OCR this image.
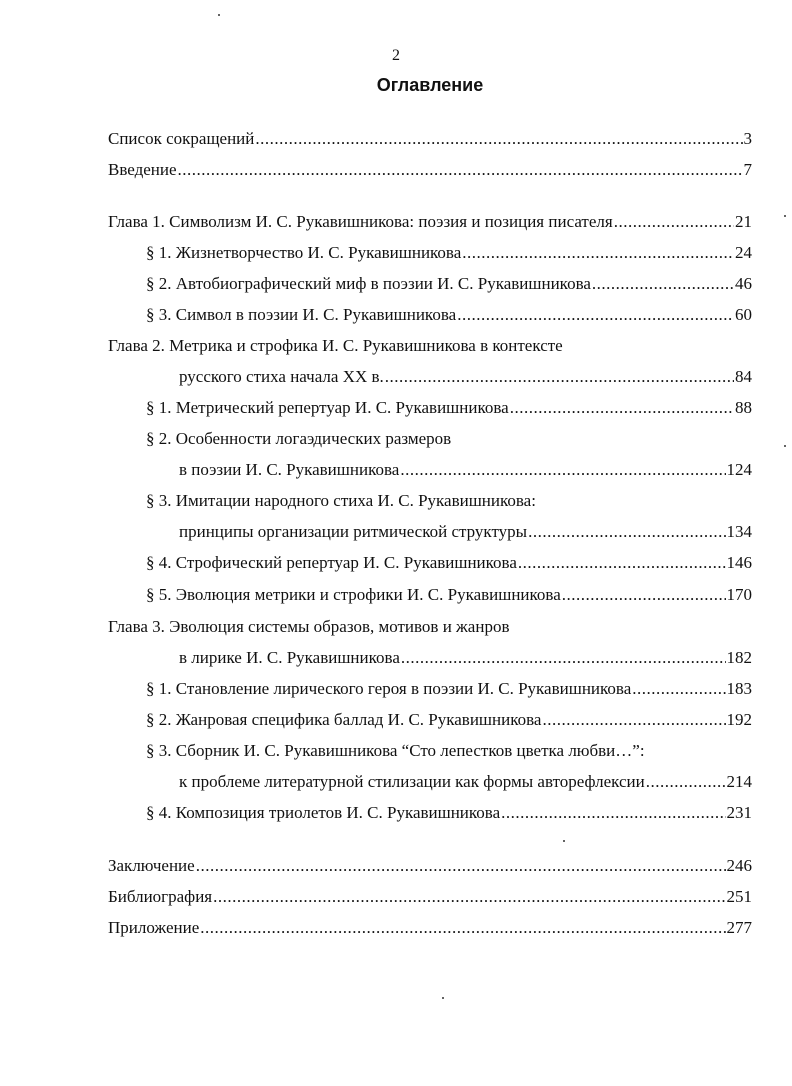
2
Оглавление
Список сокращений .....	3
Введение .....	7
Глава 1. Символизм И. С. Рукавишникова: поэзия и позиция писателя .....	21
§ 1. Жизнетворчество И. С. Рукавишникова .....	24
§ 2. Автобиографический миф в поэзии И. С. Рукавишникова .....	46
§ 3. Символ в поэзии И. С. Рукавишникова .....	60
Глава 2. Метрика и строфика И. С. Рукавишникова в контексте
русского стиха начала XX в. .....	84
§ 1. Метрический репертуар И. С. Рукавишникова .....	88
§ 2. Особенности логаэдических размеров
в поэзии И. С. Рукавишникова .....	124
§ 3. Имитации народного стиха И. С. Рукавишникова:
принципы организации ритмической структуры .....	134
§ 4. Строфический репертуар И. С. Рукавишникова .....	146
§ 5. Эволюция метрики и строфики И. С. Рукавишникова .....	170
Глава 3. Эволюция системы образов, мотивов и жанров
в лирике И. С. Рукавишникова .....	182
§ 1. Становление лирического героя в поэзии И. С. Рукавишникова .....	183
§ 2. Жанровая специфика баллад И. С. Рукавишникова .....	192
§ 3. Сборник И. С. Рукавишникова “Сто лепестков цветка любви…”:
к проблеме литературной стилизации как формы авторефлексии .....	214
§ 4. Композиция триолетов И. С. Рукавишникова .....	231
Заключение .....	246
Библиография .....	251
Приложение .....	277
